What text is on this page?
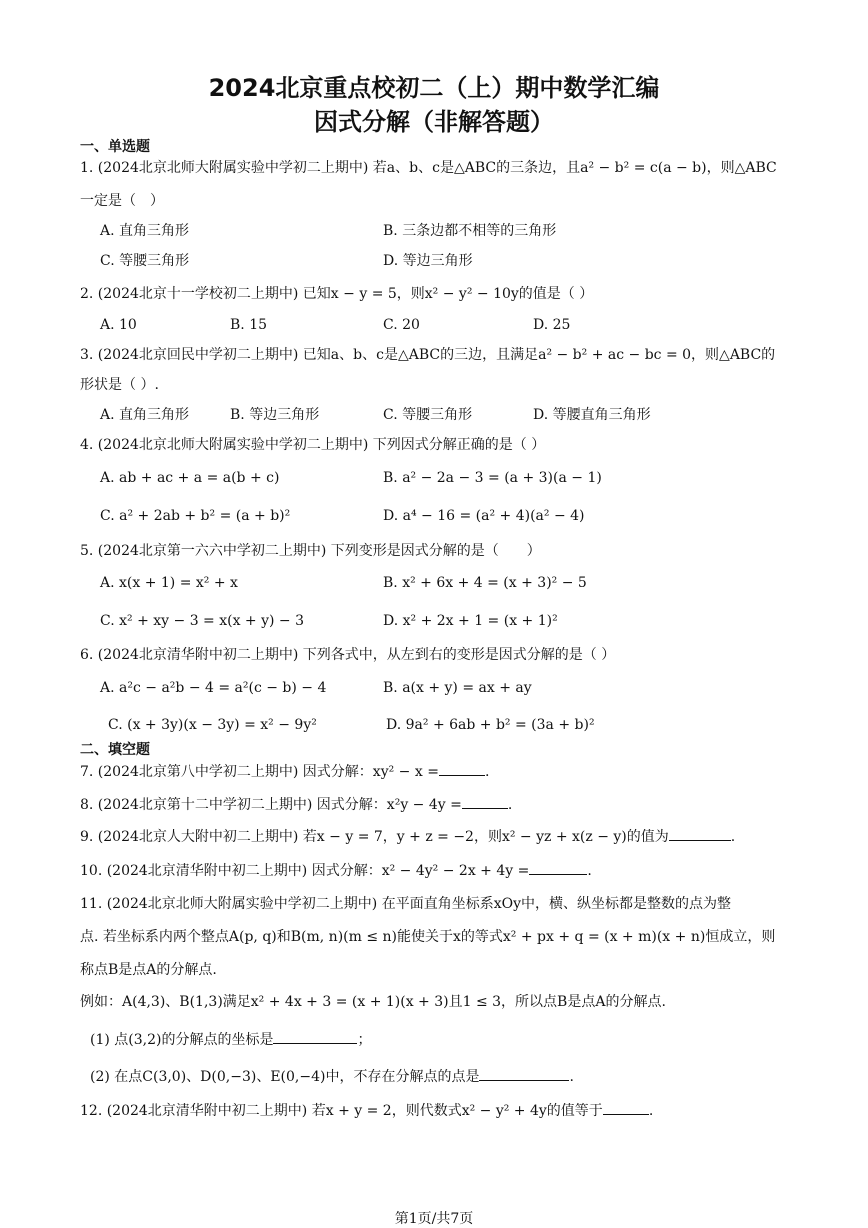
2024北京重点校初二（上）期中数学汇编
因式分解（非解答题）
一、单选题
1. (2024北京北师大附属实验中学初二上期中) 若a、b、c是△ABC的三条边，且a² − b² = c(a − b)，则△ABC
一定是（　）
A. 直角三角形	B. 三条边都不相等的三角形
C. 等腰三角形	D. 等边三角形
2. (2024北京十一学校初二上期中) 已知x − y = 5，则x² − y² − 10y的值是（ ）
A. 10	B. 15	C. 20	D. 25
3. (2024北京回民中学初二上期中) 已知a、b、c是△ABC的三边，且满足a² − b² + ac − bc = 0，则△ABC的
形状是（ ）.
A. 直角三角形	B. 等边三角形	C. 等腰三角形	D. 等腰直角三角形
4. (2024北京北师大附属实验中学初二上期中) 下列因式分解正确的是（ ）
A. ab + ac + a = a(b + c)	B. a² − 2a − 3 = (a + 3)(a − 1)
C. a² + 2ab + b² = (a + b)²	D. a⁴ − 16 = (a² + 4)(a² − 4)
5. (2024北京第一六六中学初二上期中) 下列变形是因式分解的是（　　）
A. x(x + 1) = x² + x	B. x² + 6x + 4 = (x + 3)² − 5
C. x² + xy − 3 = x(x + y) − 3	D. x² + 2x + 1 = (x + 1)²
6. (2024北京清华附中初二上期中) 下列各式中，从左到右的变形是因式分解的是（ ）
A. a²c − a²b − 4 = a²(c − b) − 4	B. a(x + y) = ax + ay
C. (x + 3y)(x − 3y) = x² − 9y²	D. 9a² + 6ab + b² = (3a + b)²
二、填空题
7. (2024北京第八中学初二上期中) 因式分解：xy² − x =	.
8. (2024北京第十二中学初二上期中) 因式分解：x²y − 4y =	.
9. (2024北京人大附中初二上期中) 若x − y = 7，y + z = −2，则x² − yz + x(z − y)的值为	.
10. (2024北京清华附中初二上期中) 因式分解：x² − 4y² − 2x + 4y =	.
11. (2024北京北师大附属实验中学初二上期中) 在平面直角坐标系xOy中，横、纵坐标都是整数的点为整
点. 若坐标系内两个整点A(p, q)和B(m, n)(m ≤ n)能使关于x的等式x² + px + q = (x + m)(x + n)恒成立，则
称点B是点A的分解点.
例如：A(4,3)、B(1,3)满足x² + 4x + 3 = (x + 1)(x + 3)且1 ≤ 3，所以点B是点A的分解点.
(1) 点(3,2)的分解点的坐标是	；
(2) 在点C(3,0)、D(0,−3)、E(0,−4)中，不存在分解点的点是	.
12. (2024北京清华附中初二上期中) 若x + y = 2，则代数式x² − y² + 4y的值等于	.
第1页/共7页
